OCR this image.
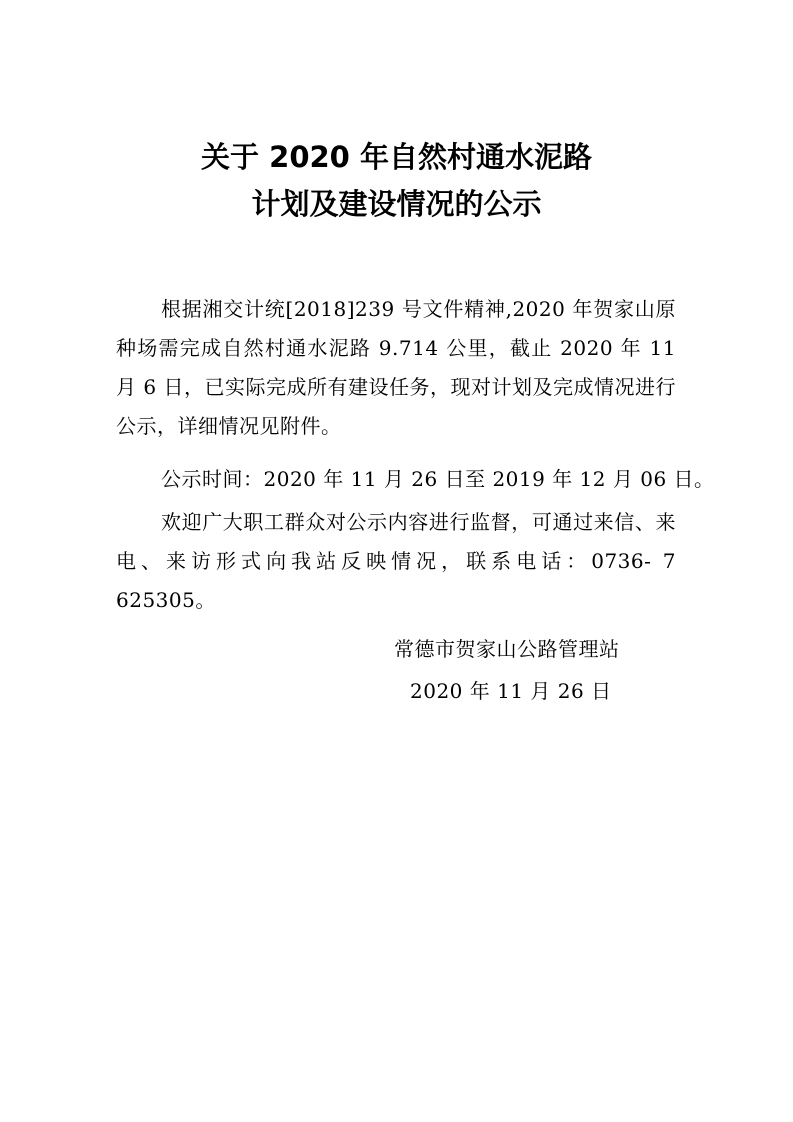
关于 2020 年自然村通水泥路
计划及建设情况的公示
根据湘交计统[2018]239 号文件精神,2020 年贺家山原种场需完成自然村通水泥路 9.714 公里，截止 2020 年 11 月 6 日，已实际完成所有建设任务，现对计划及完成情况进行公示，详细情况见附件。
公示时间：2020 年 11 月 26 日至 2019 年 12 月 06 日。
欢迎广大职工群众对公示内容进行监督，可通过来信、来电、来访形式向我站反映情况，联系电话：0736- 7 625305。
常德市贺家山公路管理站
2020 年 11 月 26 日
